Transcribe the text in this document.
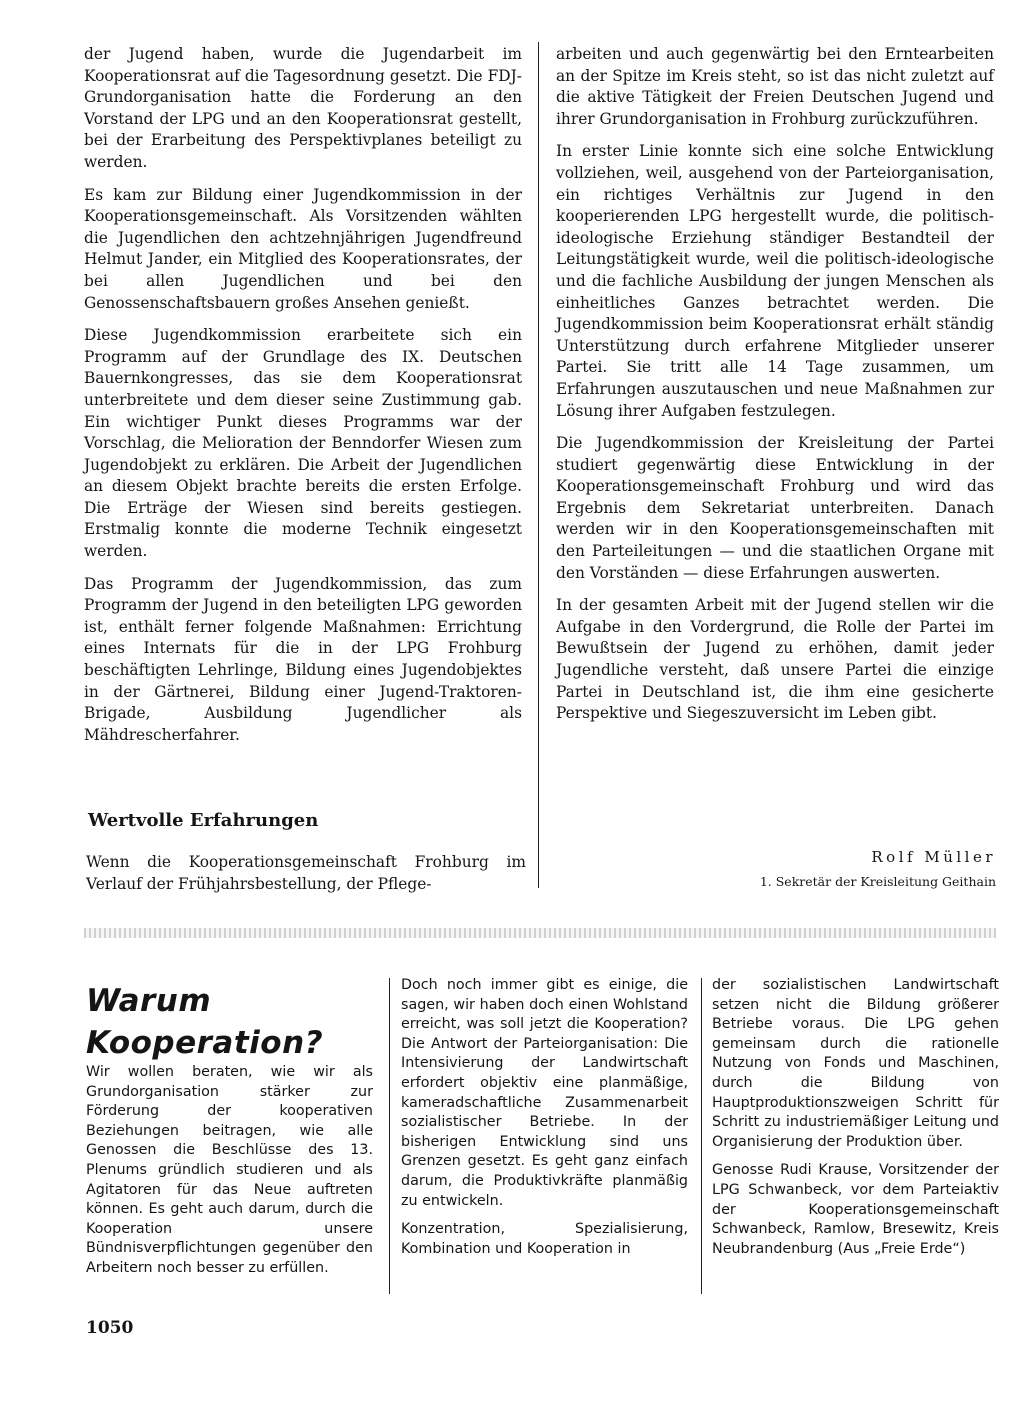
der Jugend haben, wurde die Jugendarbeit im Kooperationsrat auf die Tagesordnung gesetzt. Die FDJ-Grundorganisation hatte die Forderung an den Vorstand der LPG und an den Kooperationsrat gestellt, bei der Erarbeitung des Perspektivplanes beteiligt zu werden.

Es kam zur Bildung einer Jugendkommission in der Kooperationsgemeinschaft. Als Vorsitzenden wählten die Jugendlichen den achtzehnjährigen Jugendfreund Helmut Jander, ein Mitglied des Kooperationsrates, der bei allen Jugendlichen und bei den Genossenschaftsbauern großes Ansehen genießt.

Diese Jugendkommission erarbeitete sich ein Programm auf der Grundlage des IX. Deutschen Bauernkongresses, das sie dem Kooperationsrat unterbreitete und dem dieser seine Zustimmung gab. Ein wichtiger Punkt dieses Programms war der Vorschlag, die Melioration der Benndorfer Wiesen zum Jugendobjekt zu erklären. Die Arbeit der Jugendlichen an diesem Objekt brachte bereits die ersten Erfolge. Die Erträge der Wiesen sind bereits gestiegen. Erstmalig konnte die moderne Technik eingesetzt werden.

Das Programm der Jugendkommission, das zum Programm der Jugend in den beteiligten LPG geworden ist, enthält ferner folgende Maßnahmen: Errichtung eines Internats für die in der LPG Frohburg beschäftigten Lehrlinge, Bildung eines Jugendobjektes in der Gärtnerei, Bildung einer Jugend-Traktoren-Brigade, Ausbildung Jugendlicher als Mähdrescherfahrer.

Wertvolle Erfahrungen

Wenn die Kooperationsgemeinschaft Frohburg im Verlauf der Frühjahrsbestellung, der Pflege-

arbeiten und auch gegenwärtig bei den Erntearbeiten an der Spitze im Kreis steht, so ist das nicht zuletzt auf die aktive Tätigkeit der Freien Deutschen Jugend und ihrer Grundorganisation in Frohburg zurückzuführen.

In erster Linie konnte sich eine solche Entwicklung vollziehen, weil, ausgehend von der Parteiorganisation, ein richtiges Verhältnis zur Jugend in den kooperierenden LPG hergestellt wurde, die politisch-ideologische Erziehung ständiger Bestandteil der Leitungstätigkeit wurde, weil die politisch-ideologische und die fachliche Ausbildung der jungen Menschen als einheitliches Ganzes betrachtet werden. Die Jugendkommission beim Kooperationsrat erhält ständig Unterstützung durch erfahrene Mitglieder unserer Partei. Sie tritt alle 14 Tage zusammen, um Erfahrungen auszutauschen und neue Maßnahmen zur Lösung ihrer Aufgaben festzulegen.

Die Jugendkommission der Kreisleitung der Partei studiert gegenwärtig diese Entwicklung in der Kooperationsgemeinschaft Frohburg und wird das Ergebnis dem Sekretariat unterbreiten. Danach werden wir in den Kooperationsgemeinschaften mit den Parteileitungen — und die staatlichen Organe mit den Vorständen — diese Erfahrungen auswerten.

In der gesamten Arbeit mit der Jugend stellen wir die Aufgabe in den Vordergrund, die Rolle der Partei im Bewußtsein der Jugend zu erhöhen, damit jeder Jugendliche versteht, daß unsere Partei die einzige Partei in Deutschland ist, die ihm eine gesicherte Perspektive und Siegeszuversicht im Leben gibt.

Rolf Müller
1. Sekretär der Kreisleitung Geithain
Warum
Kooperation?

Wir wollen beraten, wie wir als Grundorganisation stärker zur Förderung der kooperativen Beziehungen beitragen, wie alle Genossen die Beschlüsse des 13. Plenums gründlich studieren und als Agitatoren für das Neue auftreten können. Es geht auch darum, durch die Kooperation unsere Bündnisverpflichtungen gegenüber den Arbeitern noch besser zu erfüllen.

Doch noch immer gibt es einige, die sagen, wir haben doch einen Wohlstand erreicht, was soll jetzt die Kooperation? Die Antwort der Parteiorganisation: Die Intensivierung der Landwirtschaft erfordert objektiv eine planmäßige, kameradschaftliche Zusammenarbeit sozialistischer Betriebe. In der bisherigen Entwicklung sind uns Grenzen gesetzt. Es geht ganz einfach darum, die Produktivkräfte planmäßig zu entwickeln.

Konzentration, Spezialisierung, Kombination und Kooperation in

der sozialistischen Landwirtschaft setzen nicht die Bildung größerer Betriebe voraus. Die LPG gehen gemeinsam durch die rationelle Nutzung von Fonds und Maschinen, durch die Bildung von Hauptproduktionszweigen Schritt für Schritt zu industriemäßiger Leitung und Organisierung der Produktion über.

Genosse Rudi Krause, Vorsitzender der LPG Schwanbeck, vor dem Parteiaktiv der Kooperationsgemeinschaft Schwanbeck, Ramlow, Bresewitz, Kreis Neubrandenburg (Aus „Freie Erde“)

1050
